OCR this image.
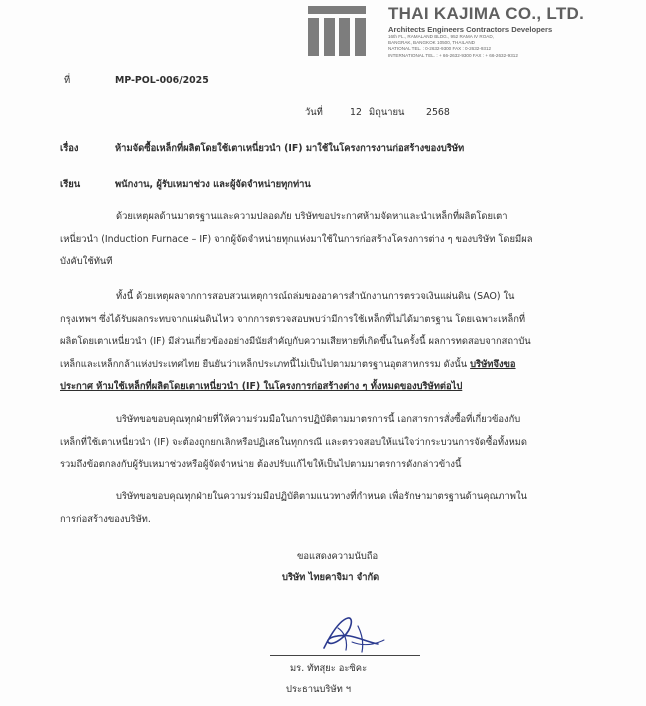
THAI KAJIMA CO., LTD.
Architects Engineers Contractors Developers
16th FL., RAMALAND BLDG., 952 RAMA IV ROAD,
BANGRAK, BANGKOK 10500, THAILAND
NATIONAL TEL. : 0-2632-9300 FAX : 0-2632-9312
INTERNATIONAL TEL. : + 66-2632-9300 FAX : + 66-2632-9312
ที่	MP-POL-006/2025
วันที่	12 มิถุนายน 2568
เรื่อง	ห้ามจัดซื้อเหล็กที่ผลิตโดยใช้เตาเหนี่ยวนำ (IF) มาใช้ในโครงการงานก่อสร้างของบริษัท
เรียน	พนักงาน, ผู้รับเหมาช่วง และผู้จัดจำหน่ายทุกท่าน
ด้วยเหตุผลด้านมาตรฐานและความปลอดภัย บริษัทขอประกาศห้ามจัดหาและนำเหล็กที่ผลิตโดยเตา
เหนี่ยวนำ (Induction Furnace – IF) จากผู้จัดจำหน่ายทุกแห่งมาใช้ในการก่อสร้างโครงการต่าง ๆ ของบริษัท โดยมีผล
บังคับใช้ทันที
ทั้งนี้ ด้วยเหตุผลจากการสอบสวนเหตุการณ์ถล่มของอาคารสำนักงานการตรวจเงินแผ่นดิน (SAO) ใน
กรุงเทพฯ ซึ่งได้รับผลกระทบจากแผ่นดินไหว จากการตรวจสอบพบว่ามีการใช้เหล็กที่ไม่ได้มาตรฐาน โดยเฉพาะเหล็กที่
ผลิตโดยเตาเหนี่ยวนำ (IF) มีส่วนเกี่ยวข้องอย่างมีนัยสำคัญกับความเสียหายที่เกิดขึ้นในครั้งนี้ ผลการทดสอบจากสถาบัน
เหล็กและเหล็กกล้าแห่งประเทศไทย ยืนยันว่าเหล็กประเภทนี้ไม่เป็นไปตามมาตรฐานอุตสาหกรรม ดังนั้น บริษัทจึงขอ
ประกาศ ห้ามใช้เหล็กที่ผลิตโดยเตาเหนี่ยวนำ (IF) ในโครงการก่อสร้างต่าง ๆ ทั้งหมดของบริษัทต่อไป
บริษัทขอขอบคุณทุกฝ่ายที่ให้ความร่วมมือในการปฏิบัติตามมาตรการนี้ เอกสารการสั่งซื้อที่เกี่ยวข้องกับ
เหล็กที่ใช้เตาเหนี่ยวนำ (IF) จะต้องถูกยกเลิกหรือปฏิเสธในทุกกรณี และตรวจสอบให้แน่ใจว่ากระบวนการจัดซื้อทั้งหมด
รวมถึงข้อตกลงกับผู้รับเหมาช่วงหรือผู้จัดจำหน่าย ต้องปรับแก้ไขให้เป็นไปตามมาตรการดังกล่าวข้างนี้
บริษัทขอขอบคุณทุกฝ่ายในความร่วมมือปฏิบัติตามแนวทางที่กำหนด เพื่อรักษามาตรฐานด้านคุณภาพใน
การก่อสร้างของบริษัท.
ขอแสดงความนับถือ
บริษัท ไทยคาจิมา จำกัด
มร. ทัทสุยะ อะซิคะ
ประธานบริษัท ฯ
